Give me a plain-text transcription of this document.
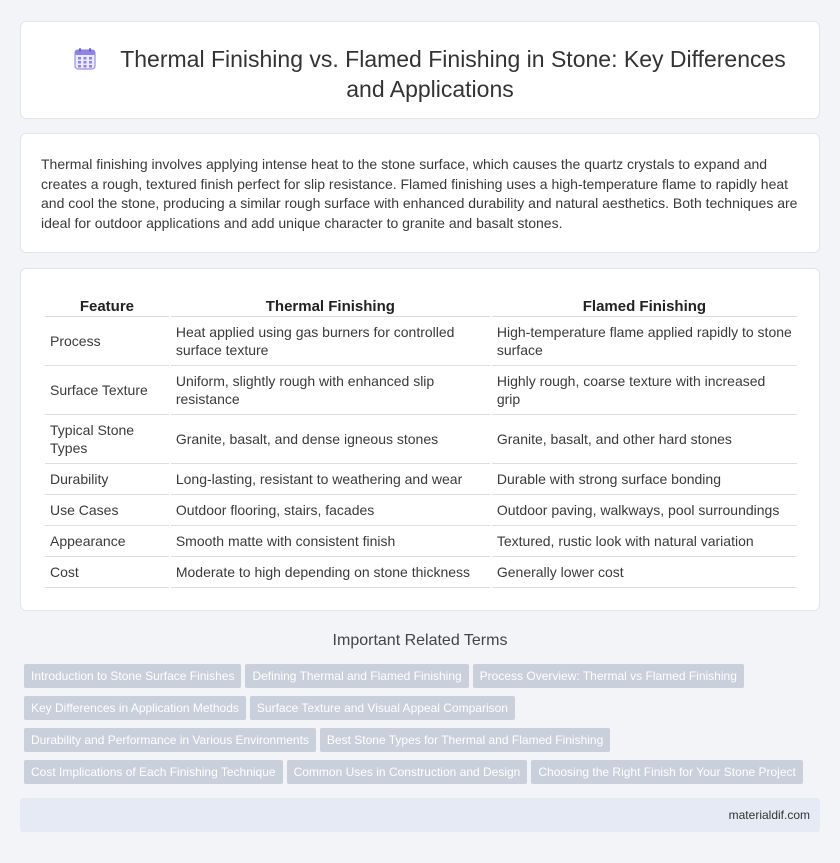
Thermal Finishing vs. Flamed Finishing in Stone: Key Differences and Applications

Thermal finishing involves applying intense heat to the stone surface, which causes the quartz crystals to expand and creates a rough, textured finish perfect for slip resistance. Flamed finishing uses a high-temperature flame to rapidly heat and cool the stone, producing a similar rough surface with enhanced durability and natural aesthetics. Both techniques are ideal for outdoor applications and add unique character to granite and basalt stones.

Feature	Thermal Finishing	Flamed Finishing
Process	Heat applied using gas burners for controlled surface texture	High-temperature flame applied rapidly to stone surface
Surface Texture	Uniform, slightly rough with enhanced slip resistance	Highly rough, coarse texture with increased grip
Typical Stone Types	Granite, basalt, and dense igneous stones	Granite, basalt, and other hard stones
Durability	Long-lasting, resistant to weathering and wear	Durable with strong surface bonding
Use Cases	Outdoor flooring, stairs, facades	Outdoor paving, walkways, pool surroundings
Appearance	Smooth matte with consistent finish	Textured, rustic look with natural variation
Cost	Moderate to high depending on stone thickness	Generally lower cost
Important Related Terms
Introduction to Stone Surface Finishes Defining Thermal and Flamed Finishing Process Overview: Thermal vs Flamed Finishing
Key Differences in Application Methods Surface Texture and Visual Appeal Comparison
Durability and Performance in Various Environments Best Stone Types for Thermal and Flamed Finishing
Cost Implications of Each Finishing Technique Common Uses in Construction and Design Choosing the Right Finish for Your Stone Project
materialdif.com
